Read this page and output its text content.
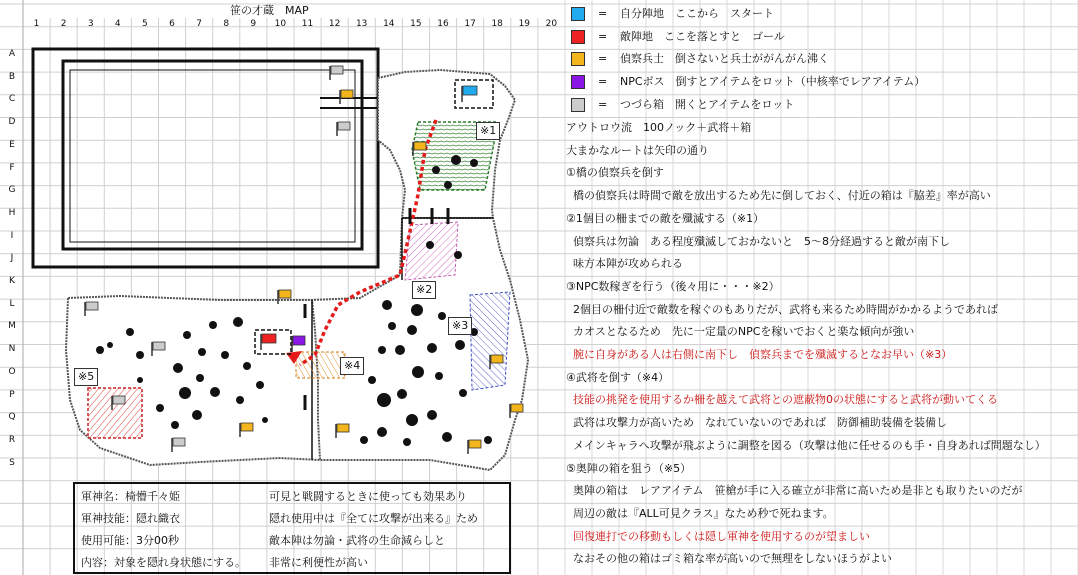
笹の才蔵　MAP
1	2	3	4	5	6	7	8	9	10	11	12	13	14	15	16	17	18	19	20
A
B
C
D
E
F
G
H
I
J
K
L
M
N
O
P
Q
R
S
※1
※2
※3
※4
※5
= 自分陣地　ここから　スタート
= 敵陣地　ここを落とすと　ゴール
= 偵察兵士　倒さないと兵士ががんがん沸く
= NPCボス　倒すとアイテムをロット（中核率でレアアイテム）
= つづら箱　開くとアイテムをロット
アウトロウ流　100ノック＋武将＋箱
大まかなルートは矢印の通り
①橋の偵察兵を倒す
橋の偵察兵は時間で敵を放出するため先に倒しておく、付近の箱は『脇差』率が高い
②1個目の柵までの敵を殲滅する（※1）
偵察兵は勿論　ある程度殲滅しておかないと　5～8分経過すると敵が南下し
味方本陣が攻められる
③NPC数稼ぎを行う（後々用に・・・※2）
2個目の柵付近で敵数を稼ぐのもありだが、武将も来るため時間がかかるようであれば
カオスとなるため　先に一定量のNPCを稼いでおくと楽な傾向が強い
腕に自身がある人は右側に南下し　偵察兵までを殲滅するとなお早い（※3）
④武将を倒す（※4）
技能の挑発を使用するか柵を越えて武将との遮蔽物0の状態にすると武将が動いてくる
武将は攻撃力が高いため　なれていないのであれば　防御補助装備を装備し
メインキャラへ攻撃が飛ぶように調整を図る（攻撃は他に任せるのも手・自身あれば問題なし）
⑤奥陣の箱を狙う（※5）
奥陣の箱は　レアアイテム　笹槍が手に入る確立が非常に高いため是非とも取りたいのだが
周辺の敵は『ALL可見クラス』なため秒で死ねます。
回復連打での移動もしくは隠し軍神を使用するのが望ましい
なおその他の箱はゴミ箱な率が高いので無理をしないほうがよい
軍神名：椅懵千々姫	可見と戦闘するときに使っても効果あり
軍神技能：隠れ織衣	隠れ使用中は『全てに攻撃が出来る』ため
使用可能：3分00秒	敵本陣は勿論・武将の生命減らしと
内容：対象を隠れ身状態にする。 非常に利便性が高い
